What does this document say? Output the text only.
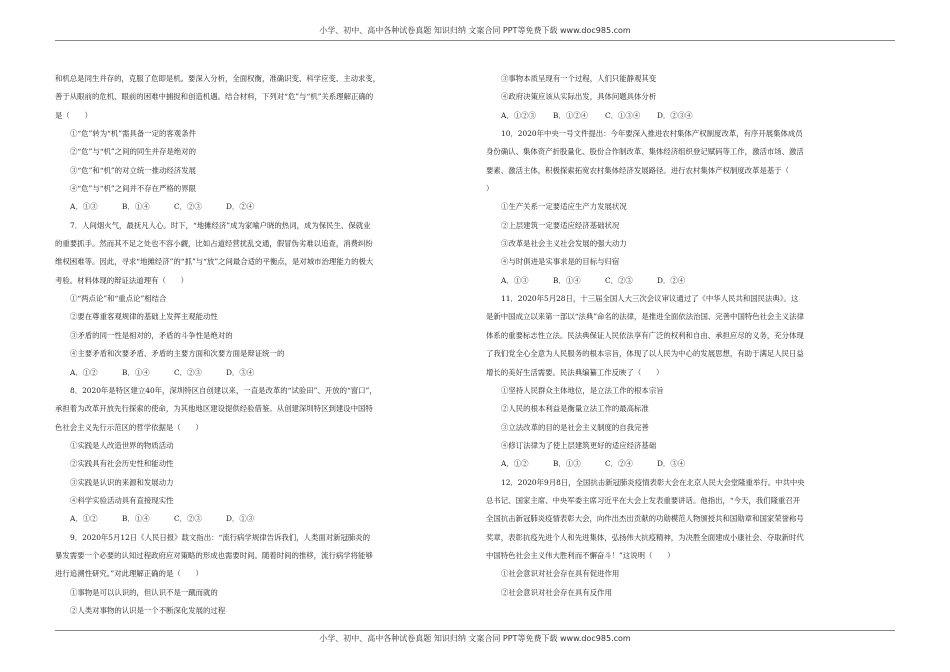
小学、初中、高中各种试卷真题 知识归纳 文案合同 PPT等免费下载 www.doc985.com
和机总是同生并存的，克服了危即是机。要深入分析，全面权衡，准确识变、科学应变、主动求变，
善于从眼前的危机、眼前的困难中捕捉和创造机遇。结合材料，下列对“危”与“机”关系理解正确的
是（　　）
①“危”转为“机”需具备一定的客观条件
②“危”与“机”之间的同生并存是绝对的
③“危”和“机”的对立统一推动经济发展
④“危”与“机”之间并不存在严格的界限
A．①③	B．①④	C．②③	D．②④
7．人间烟火气，最抚凡人心。时下，“地摊经济”成为家喻户晓的热词，成为保民生、保就业
的重要抓手。然而其不足之处也不容小觑，比如占道经营扰乱交通，假冒伪劣难以追查，消费纠纷
维权困难等。因此，寻求“地摊经济”的“抓”与“放”之间最合适的平衡点，是对城市治理能力的极大
考验。材料体现的辩证法道理有（　　）
①“两点论”和“重点论”相结合
②要在尊重客观规律的基础上发挥主观能动性
③矛盾的同一性是相对的，矛盾的斗争性是绝对的
④主要矛盾和次要矛盾、矛盾的主要方面和次要方面是辩证统一的
A．①②	B．①④	C．②③	D．③④
8．2020年是特区建立40年，深圳特区自创建以来，一直是改革的“试验田”、开放的“窗口”，
承担着为改革开放先行探索的使命，为其他地区建设提供经验借鉴。从创建深圳特区到建设中国特
色社会主义先行示范区的哲学依据是（　　）
①实践是人改造世界的物质活动
②实践具有社会历史性和能动性
③实践是认识的来源和发展动力
④科学实验活动具有直接现实性
A．①②	B．①④	C．②③	D．①③
9．2020年5月12日《人民日报》载文指出：“流行病学规律告诉我们，人类面对新冠肺炎的
暴发需要一个必要的认知过程政府应对策略的形成也需要时间。随着时间的推移，流行病学将能够
进行追溯性研究。”对此理解正确的是（　　）
①事物是可以认识的，但认识不是一蹴而就的
②人类对事物的认识是一个不断深化发展的过程
③事物本质呈现有一个过程，人们只能静观其变
④政府决策应该从实际出发，具体问题具体分析
A．①②③ B．①②④ C．①③④ D．②③④
10．2020年中央一号文件提出：今年要深入推进农村集体产权制度改革，有序开展集体成员
身份确认、集体资产折股量化、股份合作制改革、集体经济组织登记赋码等工作，激活市场、激活
要素、激活主体，积极探索拓宽农村集体经济发展路径。进行农村集体产权制度改革是基于（
）
①生产关系一定要适应生产力发展状况
②上层建筑一定要适应经济基础状况
③改革是社会主义社会发展的强大动力
④与时俱进是实事求是的目标与归宿
A．①③	B．①④	C．②③	D．②④
11．2020年5月28日，十三届全国人大三次会议审议通过了《中华人民共和国民法典》。这
是新中国成立以来第一部以“法典”命名的法律，是推进全面依法治国、完善中国特色社会主义法律
体系的重要标志性立法。民法典保证人民依法享有广泛的权利和自由、承担应尽的义务，充分体现
了我们党全心全意为人民服务的根本宗旨，体现了以人民为中心的发展思想，有助于满足人民日益
增长的美好生活需要。民法典编纂工作反映了（　　）
①坚持人民群众主体地位，是立法工作的根本宗旨
②人民的根本利益是衡量立法工作的最高标准
③立法改革的目的是社会主义制度的自我完善
④修订法律为了使上层建筑更好的适应经济基础
A．①②	B．①③	C．②④	D．③④
12．2020年9月8日，全国抗击新冠肺炎疫情表彰大会在北京人民大会堂隆重举行。中共中央
总书记、国家主席、中央军委主席习近平在大会上发表重要讲话。他指出，“今天，我们隆重召开
全国抗击新冠肺炎疫情表彰大会，向作出杰出贡献的功勋模范人物颁授共和国勋章和国家荣誉称号
奖章，表彰抗疫先进个人和先进集体，弘扬伟大抗疫精神，为决胜全面建成小康社会、夺取新时代
中国特色社会主义伟大胜利而不懈奋斗！”这说明（　　）
①社会意识对社会存在具有促进作用
②社会意识对社会存在具有反作用
小学、初中、高中各种试卷真题 知识归纳 文案合同 PPT等免费下载 www.doc985.com
